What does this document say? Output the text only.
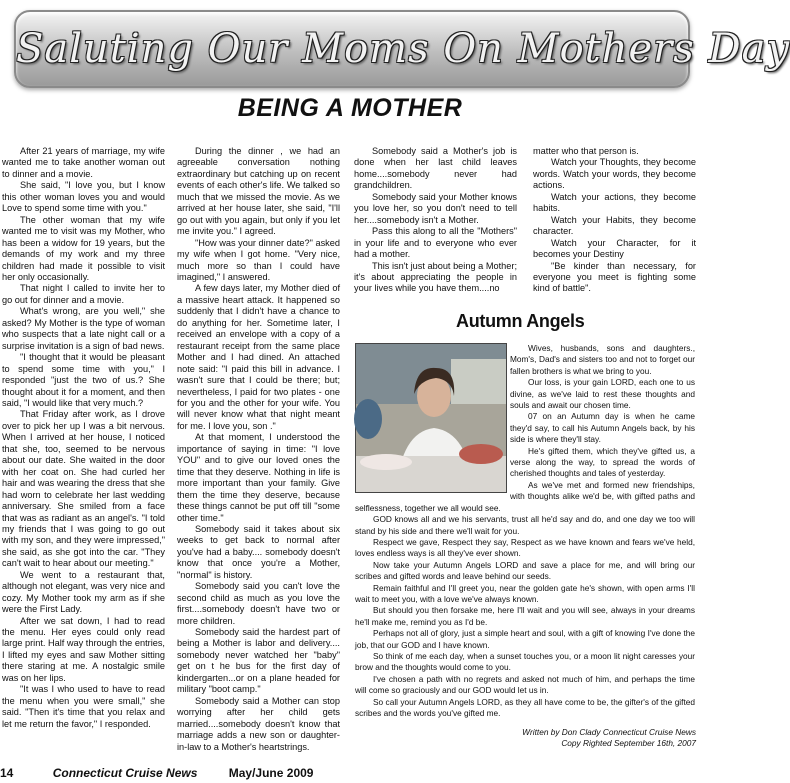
Saluting Our Moms On Mothers Day
BEING A MOTHER

After 21 years of marriage, my wife wanted me to take another woman out to dinner and a movie.

She said, "I love you, but I know this other woman loves you and would Love to spend some time with you."

The other woman that my wife wanted me to visit was my Mother, who has been a widow for 19 years, but the demands of my work and my three children had made it possible to visit her only occasionally.

That night I called to invite her to go out for dinner and a movie.

What's wrong, are you well," she asked? My Mother is the type of woman who suspects that a late night call or a surprise invitation is a sign of bad news.

"I thought that it would be pleasant to spend some time with you," I responded "just the two of us.? She thought about it for a moment, and then said, "I would like that very much.?

That Friday after work, as I drove over to pick her up I was a bit nervous. When I arrived at her house, I noticed that she, too, seemed to be nervous about our date. She waited in the door with her coat on. She had curled her hair and was wearing the dress that she had worn to celebrate her last wedding anniversary. She smiled from a face that was as radiant as an angel's. "I told my friends that I was going to go out with my son, and they were impressed," she said, as she got into the car. "They can't wait to hear about our meeting."

We went to a restaurant that, although not elegant, was very nice and cozy. My Mother took my arm as if she were the First Lady.

After we sat down, I had to read the menu. Her eyes could only read large print. Half way through the entries, I lifted my eyes and saw Mother sitting there staring at me. A nostalgic smile was on her lips.

"It was I who used to have to read the menu when you were small," she said. "Then it's time that you relax and let me return the favor," I responded.

During the dinner , we had an agreeable conversation nothing extraordinary but catching up on recent events of each other's life. We talked so much that we missed the movie. As we arrived at her house later, she said, "I'll go out with you again, but only if you let me invite you." I agreed.

"How was your dinner date?" asked my wife when I got home. "Very nice, much more so than I could have imagined," I answered.

A few days later, my Mother died of a massive heart attack. It happened so suddenly that I didn't have a chance to do anything for her. Sometime later, I received an envelope with a copy of a restaurant receipt from the same place Mother and I had dined. An attached note said: "I paid this bill in advance. I wasn't sure that I could be there; but; nevertheless, I paid for two plates - one for you and the other for your wife. You will never know what that night meant for me. I love you, son ."

At that moment, I understood the importance of saying in time: "I love YOU" and to give our loved ones the time that they deserve. Nothing in life is more important than your family. Give them the time they deserve, because these things cannot be put off till "some other time."

Somebody said it takes about six weeks to get back to normal after you've had a baby.... somebody doesn't know that once you're a Mother, "normal" is history.

Somebody said you can't love the second child as much as you love the first....somebody doesn't have two or more children.

Somebody said the hardest part of being a Mother is labor and delivery.... somebody never watched her "baby" get on t he bus for the first day of kindergarten...or on a plane headed for military "boot camp."

Somebody said a Mother can stop worrying after her child gets married....somebody doesn't know that marriage adds a new son or daughter-in-law to a Mother's heartstrings.

Somebody said a Mother's job is done when her last child leaves home....somebody never had grandchildren.

Somebody said your Mother knows you love her, so you don't need to tell her....somebody isn't a Mother.

Pass this along to all the "Mothers" in your life and to everyone who ever had a mother.

This isn't just about being a Mother; it's about appreciating the people in your lives while you have them....no

matter who that person is.

Watch your Thoughts, they become words. Watch your words, they become actions.

Watch your actions, they become habits.

Watch your Habits, they become character.

Watch your Character, for it becomes your Destiny

"Be kinder than necessary, for everyone you meet is fighting some kind of battle".

Autumn Angels

Wives, husbands, sons and daughters., Mom's, Dad's and sisters too and not to forget our fallen brothers is what we bring to you.

Our loss, is your gain LORD, each one to us divine, as we've laid to rest these thoughts and souls and await our chosen time.

07 on an Autumn day is when he came they'd say, to call his Autumn Angels back, by his side is where they'll stay.

He's gifted them, which they've gifted us, a verse along the way, to spread the words of cherished thoughts and tales of yesterday.

As we've met and formed new friendships, with thoughts alike we'd be, with gifted paths and selflessness, together we all would see.

GOD knows all and we his servants, trust all he'd say and do, and one day we too will stand by his side and there we'll wait for you.

Respect we gave, Respect they say, Respect as we have known and fears we've held, loves endless ways is all they've ever shown.

Now take your Autumn Angels LORD and save a place for me, and will bring our scribes and gifted words and leave behind our seeds.

Remain faithful and I'll greet you, near the golden gate he's shown, with open arms I'll wait to meet you, with a love we've always known.

But should you then forsake me, here I'll wait and you will see, always in your dreams he'll make me, remind you as I'd be.

Perhaps not all of glory, just a simple heart and soul, with a gift of knowing I've done the job, that our GOD and I have known.

So think of me each day, when a sunset touches you, or a moon lit night caresses your brow and the thoughts would come to you.

I've chosen a path with no regrets and asked not much of him, and perhaps the time will come so graciously and our GOD would let us in.

So call your Autumn Angels LORD, as they all have come to be, the gifter's of the gifted scribes and the words you've gifted me.

Written by Don Clady Connecticut Cruise News
Copy Righted September 16th, 2007
14	Connecticut Cruise News	May/June 2009
